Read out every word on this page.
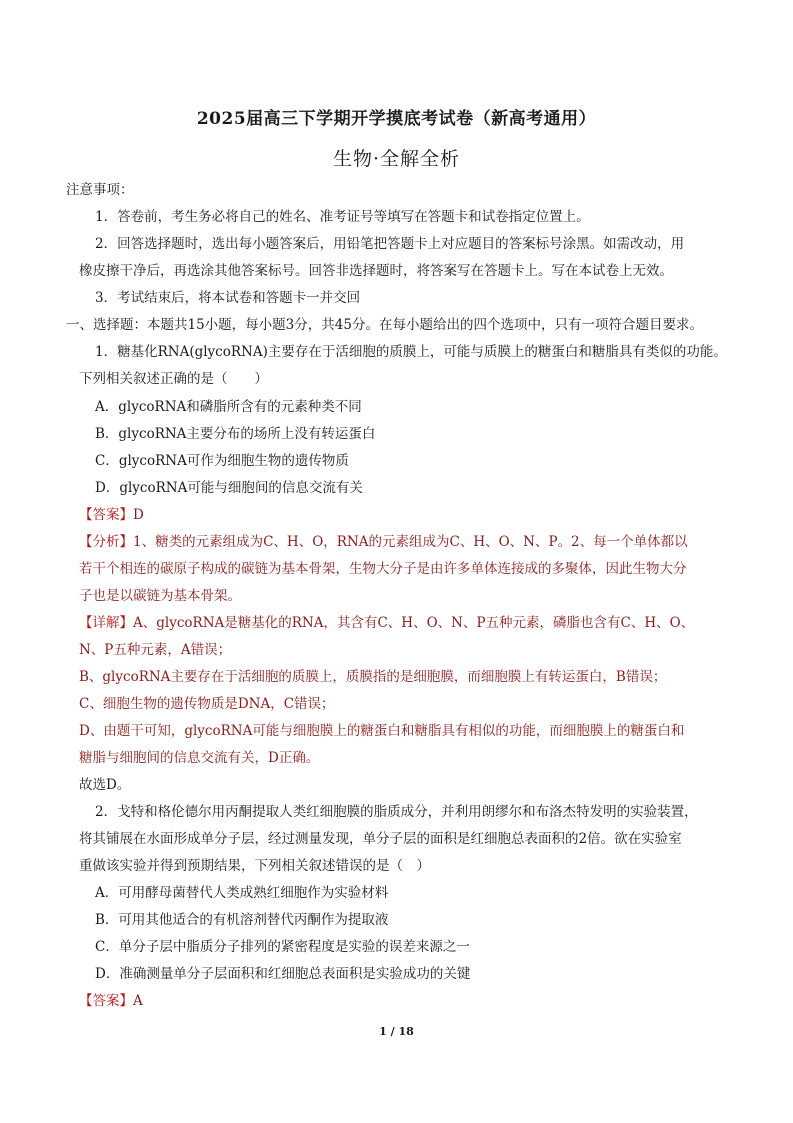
2025届高三下学期开学摸底考试卷（新高考通用）
生物·全解全析
注意事项：
1．答卷前，考生务必将自己的姓名、准考证号等填写在答题卡和试卷指定位置上。
2．回答选择题时，选出每小题答案后，用铅笔把答题卡上对应题目的答案标号涂黑。如需改动，用
橡皮擦干净后，再选涂其他答案标号。回答非选择题时，将答案写在答题卡上。写在本试卷上无效。
3．考试结束后，将本试卷和答题卡一并交回
一、选择题：本题共15小题，每小题3分，共45分。在每小题给出的四个选项中，只有一项符合题目要求。
1．糖基化RNA(glycoRNA)主要存在于活细胞的质膜上，可能与质膜上的糖蛋白和糖脂具有类似的功能。
下列相关叙述正确的是（　　）
A．glycoRNA和磷脂所含有的元素种类不同
B．glycoRNA主要分布的场所上没有转运蛋白
C．glycoRNA可作为细胞生物的遗传物质
D．glycoRNA可能与细胞间的信息交流有关
【答案】D
【分析】1、糖类的元素组成为C、H、O，RNA的元素组成为C、H、O、N、P。2、每一个单体都以
若干个相连的碳原子构成的碳链为基本骨架，生物大分子是由许多单体连接成的多聚体，因此生物大分
子也是以碳链为基本骨架。
【详解】A、glycoRNA是糖基化的RNA，其含有C、H、O、N、P五种元素，磷脂也含有C、H、O、
N、P五种元素，A错误；
B、glycoRNA主要存在于活细胞的质膜上，质膜指的是细胞膜，而细胞膜上有转运蛋白，B错误；
C、细胞生物的遗传物质是DNA，C错误；
D、由题干可知，glycoRNA可能与细胞膜上的糖蛋白和糖脂具有相似的功能，而细胞膜上的糖蛋白和
糖脂与细胞间的信息交流有关，D正确。
故选D。
2．戈特和格伦德尔用丙酮提取人类红细胞膜的脂质成分，并利用朗缪尔和布洛杰特发明的实验装置，
将其铺展在水面形成单分子层，经过测量发现，单分子层的面积是红细胞总表面积的2倍。欲在实验室
重做该实验并得到预期结果，下列相关叙述错误的是（　）
A．可用酵母菌替代人类成熟红细胞作为实验材料
B．可用其他适合的有机溶剂替代丙酮作为提取液
C．单分子层中脂质分子排列的紧密程度是实验的误差来源之一
D．准确测量单分子层面积和红细胞总表面积是实验成功的关键
【答案】A
1 / 18
